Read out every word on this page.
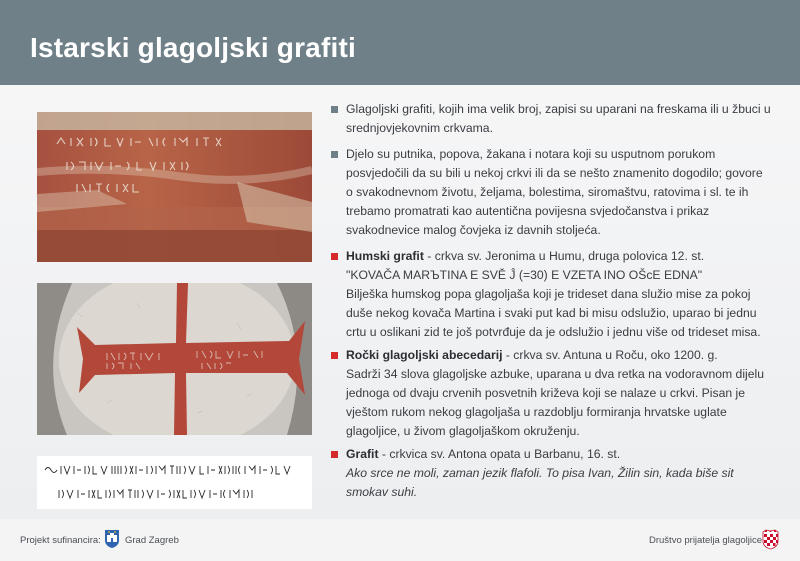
Istarski glagoljski grafiti
Glagoljski grafiti, kojih ima velik broj, zapisi su uparani na freskama ili u žbuci u srednjovjekovnim crkvama.
Djelo su putnika, popova, žakana i notara koji su usputnom porukom posvjedočili da su bili u nekoj crkvi ili da se nešto znamenito dogodilo; govore o svakodnevnom životu, željama, bolestima, siromaštvu, ratovima i sl. te ih trebamo promatrati kao autentična povijesna svjedočanstva i prikaz svakodnevice malog čovjeka iz davnih stoljeća.
Humski grafit - crkva sv. Jeronima u Humu, druga polovica 12. st.
"KOVAČA MARЪTINA E SVĚ Ĵ (=30) E VZETA INO OŠcE EDNA"
Bilješka humskog popa glagoljaša koji je trideset dana služio mise za pokoj duše nekog kovača Martina i svaki put kad bi misu odslužio, uparao bi jednu crtu u oslikani zid te još potvrđuje da je odslužio i jednu više od trideset misa.
Ročki glagoljski abecedarij - crkva sv. Antuna u Roču, oko 1200. g.
Sadrži 34 slova glagoljske azbuke, uparana u dva retka na vodoravnom dijelu jednoga od dvaju crvenih posvetnih križeva koji se nalaze u crkvi. Pisan je vještom rukom nekog glagoljaša u razdoblju formiranja hrvatske uglate glagoljice, u živom glagoljaškom okruženju.
Grafit - crkvica sv. Antona opata u Barbanu, 16. st.
Ako srce ne moli, zaman jezik flafoli. To pisa Ivan, Žilin sin, kada biše sit smokav suhi.
Projekt sufinancira:	Grad Zagreb	Društvo prijatelja glagoljice
